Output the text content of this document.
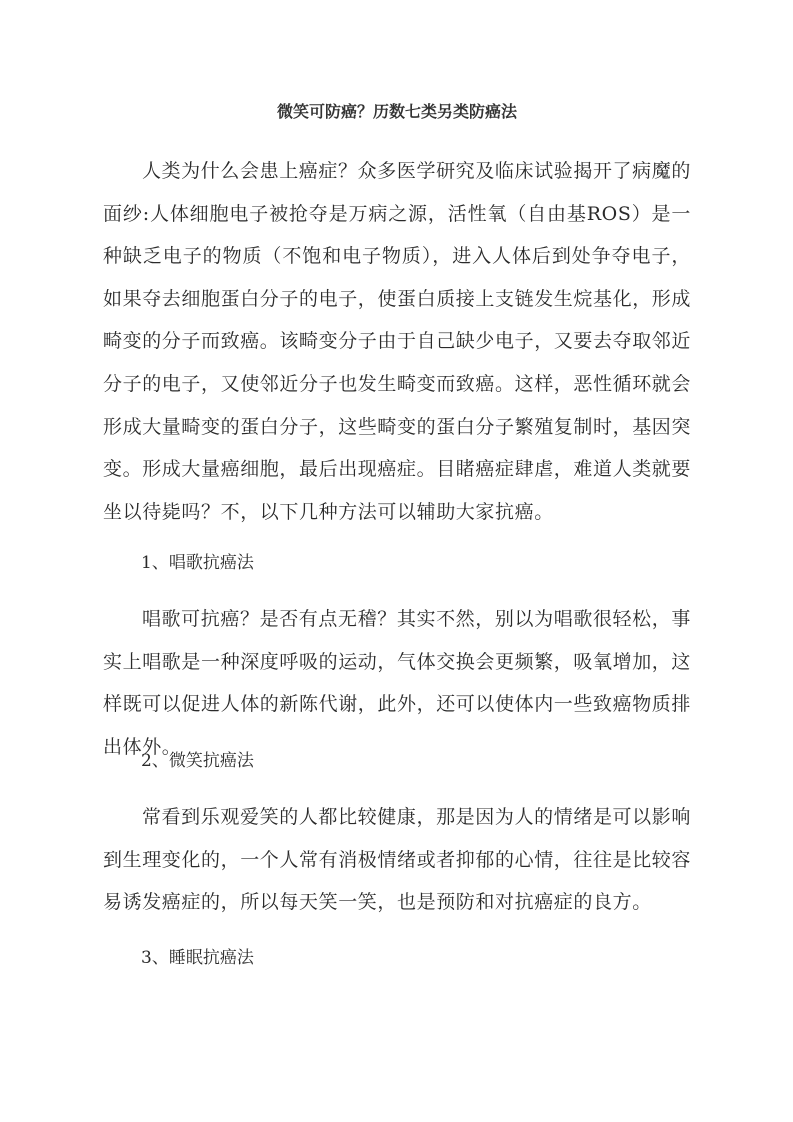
微笑可防癌？历数七类另类防癌法

人类为什么会患上癌症？众多医学研究及临床试验揭开了病魔的面纱:人体细胞电子被抢夺是万病之源，活性氧（自由基ROS）是一种缺乏电子的物质（不饱和电子物质），进入人体后到处争夺电子，如果夺去细胞蛋白分子的电子，使蛋白质接上支链发生烷基化，形成畸变的分子而致癌。该畸变分子由于自己缺少电子，又要去夺取邻近分子的电子，又使邻近分子也发生畸变而致癌。这样，恶性循环就会形成大量畸变的蛋白分子，这些畸变的蛋白分子繁殖复制时，基因突变。形成大量癌细胞，最后出现癌症。目睹癌症肆虐，难道人类就要坐以待毙吗？不，以下几种方法可以辅助大家抗癌。

1、唱歌抗癌法

唱歌可抗癌？是否有点无稽？其实不然，别以为唱歌很轻松，事实上唱歌是一种深度呼吸的运动，气体交换会更频繁，吸氧增加，这样既可以促进人体的新陈代谢，此外，还可以使体内一些致癌物质排出体外。

2、微笑抗癌法

常看到乐观爱笑的人都比较健康，那是因为人的情绪是可以影响到生理变化的，一个人常有消极情绪或者抑郁的心情，往往是比较容易诱发癌症的，所以每天笑一笑，也是预防和对抗癌症的良方。

3、睡眠抗癌法
